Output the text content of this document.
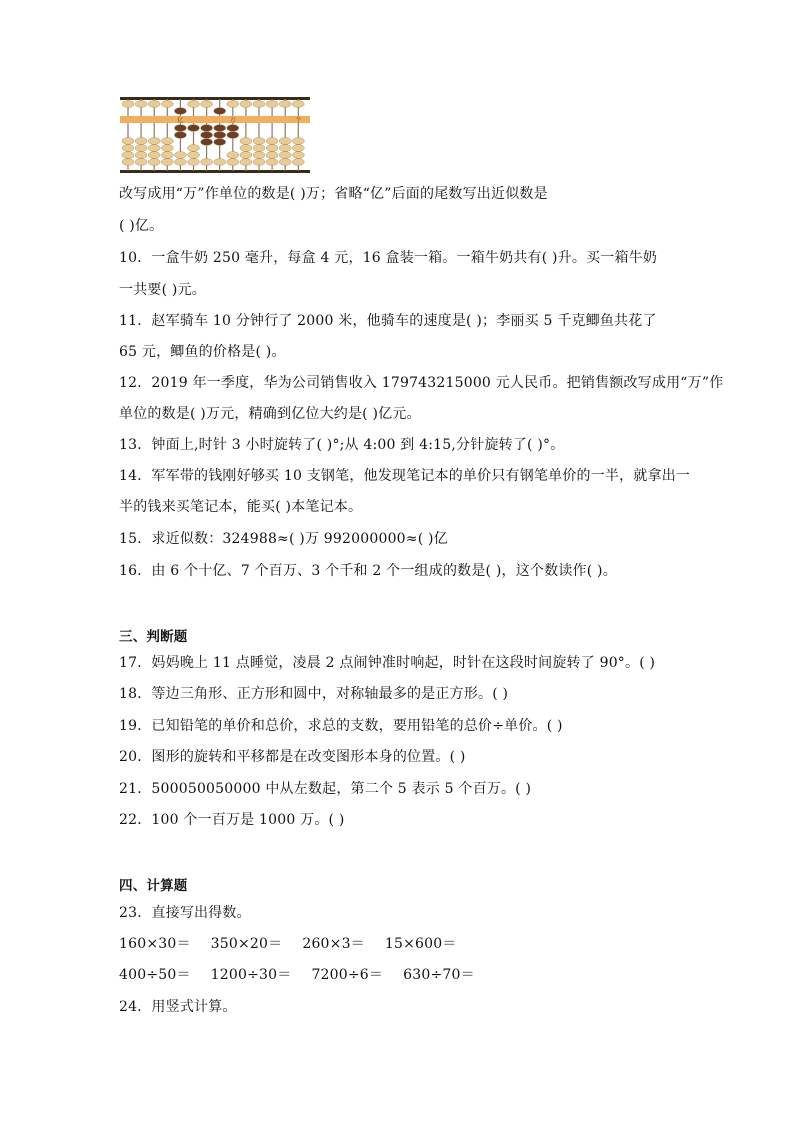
亿	万	个
改写成用“万”作单位的数是( )万；省略“亿”后面的尾数写出近似数是
( )亿。
10．一盒牛奶 250 毫升，每盒 4 元，16 盒装一箱。一箱牛奶共有( )升。买一箱牛奶
一共要( )元。
11．赵军骑车 10 分钟行了 2000 米，他骑车的速度是( )；李丽买 5 千克鲫鱼共花了
65 元，鲫鱼的价格是( )。
12．2019 年一季度，华为公司销售收入 179743215000 元人民币。把销售额改写成用“万”作
单位的数是( )万元，精确到亿位大约是( )亿元。
13．钟面上,时针 3 小时旋转了( )°;从 4:00 到 4:15,分针旋转了( )°。
14．军军带的钱刚好够买 10 支钢笔，他发现笔记本的单价只有钢笔单价的一半，就拿出一
半的钱来买笔记本，能买( )本笔记本。
15．求近似数：324988≈( )万 992000000≈( )亿
16．由 6 个十亿、7 个百万、3 个千和 2 个一组成的数是( )，这个数读作( )。
三、判断题
17．妈妈晚上 11 点睡觉，凌晨 2 点闹钟准时响起，时针在这段时间旋转了 90°。( )
18．等边三角形、正方形和圆中，对称轴最多的是正方形。( )
19．已知铅笔的单价和总价，求总的支数，要用铅笔的总价÷单价。( )
20．图形的旋转和平移都是在改变图形本身的位置。( )
21．500050050000 中从左数起，第二个 5 表示 5 个百万。( )
22．100 个一百万是 1000 万。( )
四、计算题
23．直接写出得数。
160×30＝ 350×20＝ 260×3＝ 15×600＝
400÷50＝ 1200÷30＝ 7200÷6＝ 630÷70＝
24．用竖式计算。
